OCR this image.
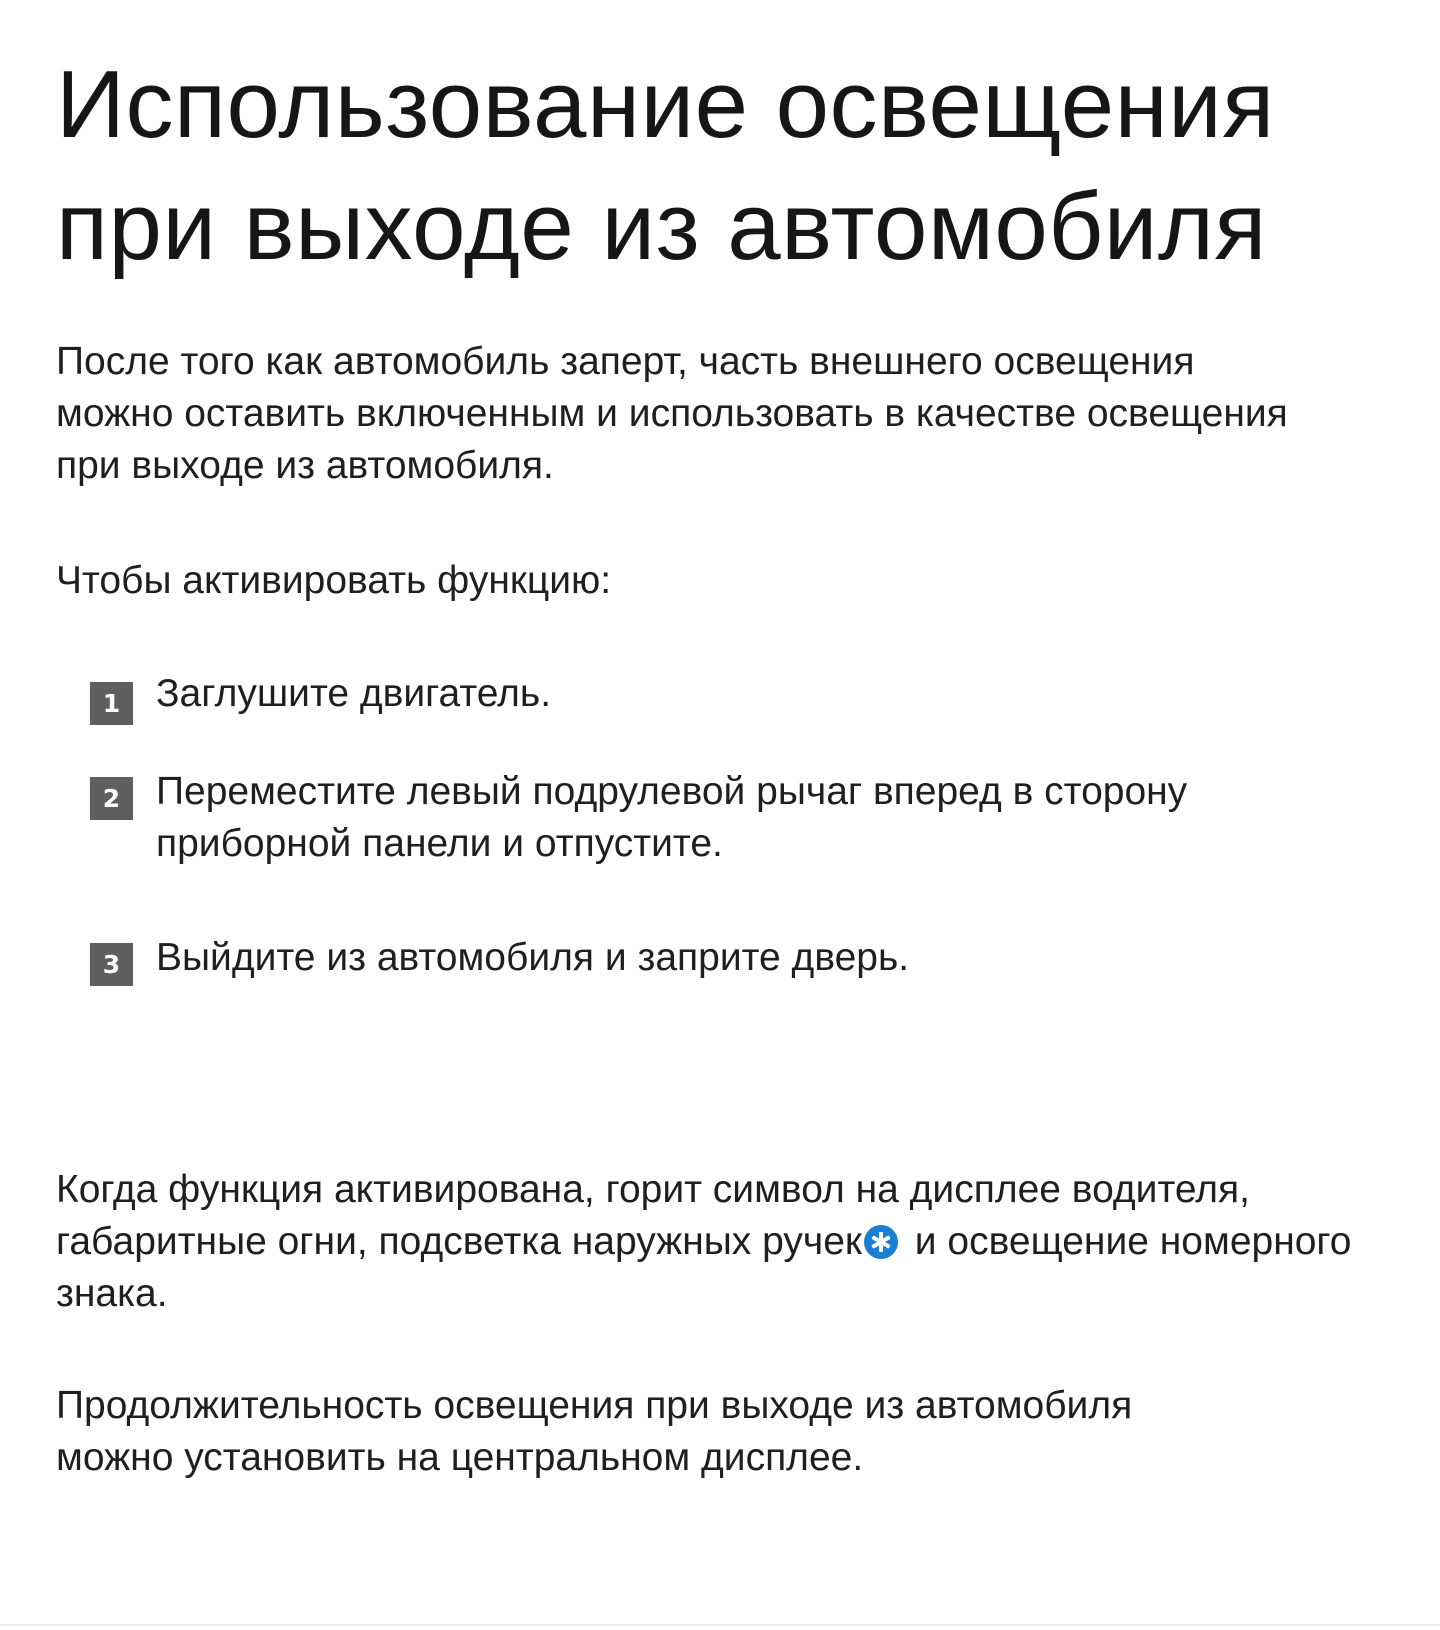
Использование освещения при выходе из автомобиля

После того как автомобиль заперт, часть внешнего освещения можно оставить включенным и использовать в качестве освещения при выходе из автомобиля.

Чтобы активировать функцию:

1 Заглушите двигатель.

2 Переместите левый подрулевой рычаг вперед в сторону приборной панели и отпустите.

3 Выйдите из автомобиля и заприте дверь.

Когда функция активирована, горит символ на дисплее водителя, габаритные огни, подсветка наружных ручек
и освещение номерного знака.

Продолжительность освещения при выходе из автомобиля можно установить на центральном дисплее.
